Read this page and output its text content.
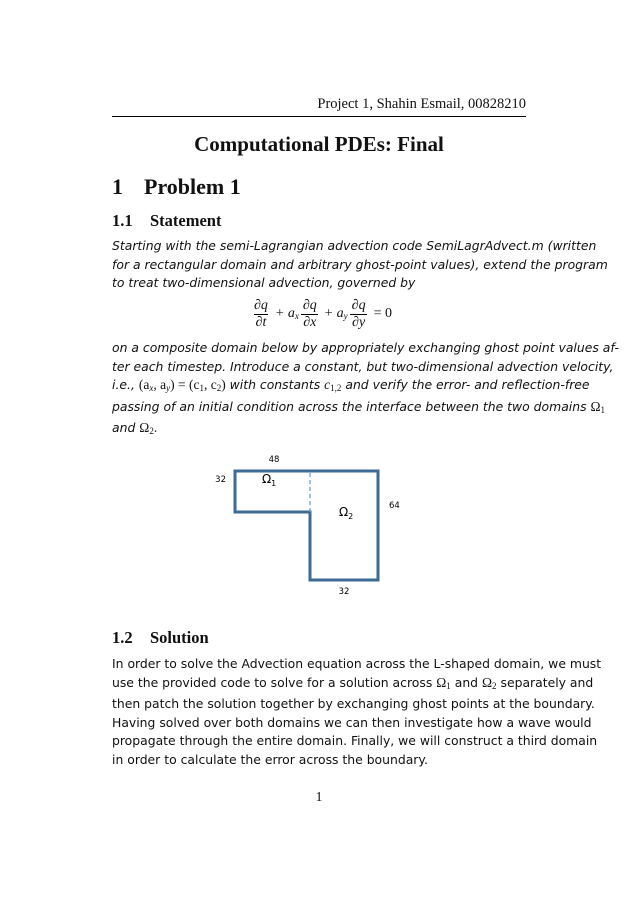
Project 1, Shahin Esmail, 00828210
Computational PDEs: Final
1 Problem 1
1.1 Statement
Starting with the semi-Lagrangian advection code SemiLagrAdvect.m (written
for a rectangular domain and arbitrary ghost-point values), extend the program
to treat two-dimensional advection, governed by
$\frac{\partial q}{\partial t} + a_x \frac{\partial q}{\partial x} + a_y \frac{\partial q}{\partial y} = 0$
on a composite domain below by appropriately exchanging ghost point values af-
ter each timestep. Introduce a constant, but two-dimensional advection velocity,
i.e., ($a_x$, $a_y) = (c_1$, $c_2$) with constants $c_{1,2}$ and verify the error- and reflection-free
passing of an initial condition across the interface between the two domains $\Omega_1$
and $\Omega_2$.
48
32
64
32
$\Omega_1$
$\Omega_2$
1.2 Solution
In order to solve the Advection equation across the L-shaped domain, we must
use the provided code to solve for a solution across $\Omega_1$ and $\Omega_2$ separately and
then patch the solution together by exchanging ghost points at the boundary.
Having solved over both domains we can then investigate how a wave would
propagate through the entire domain. Finally, we will construct a third domain
in order to calculate the error across the boundary.
1
